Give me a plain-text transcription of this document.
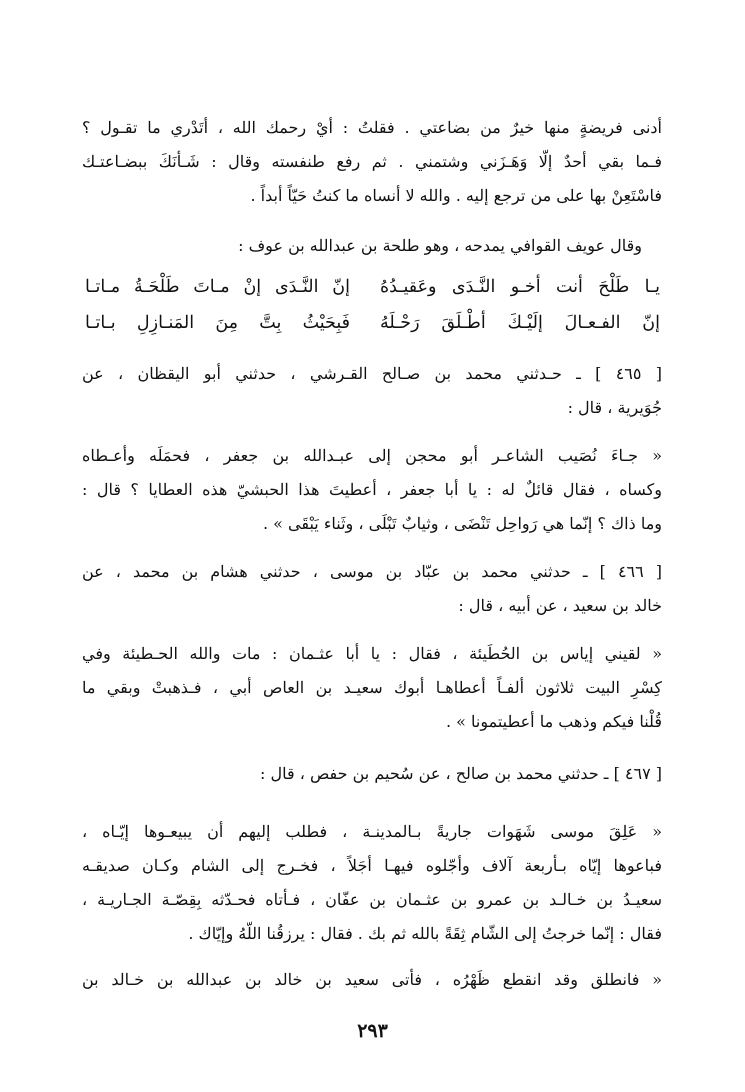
أدنى فريضةٍ منها خيرٌ من بضاعتي . فقلتُ : أيْ رحمك الله ، أتَدْري ما تقـول ؟
فـما بقي أحدٌ إلّا وَهَـزَني وشتمني . ثم رفع طنفسته وقال : شَـأنَكَ ببضـاعتـك
فاسْتَعِنْ بها على من ترجع إليه . والله لا أنساه ما كنتُ حَيّاً أبداً .
وقال عويف القوافي يمدحه ، وهو طلحة بن عبدالله بن عوف :
يـا طَلْحَ أنت أخـو النَّـدَى وعَقيـدُهُ
إنّ النَّـدَى إنْ مـاتَ طَلْحَـةُ مـاتـا
إنّ الفـعـالَ إلَيْـكَ أطْـلَقَ رَحْـلَهُ
فَبِحَيْثُ بِتَّ مِنَ المَنـازِلِ بـاتـا
[ ٤٦٥ ] ـ حـدثني محمد بن صـالح القـرشي ، حدثني أبو اليقظان ، عن
جُوَيرية ، قال :
« جـاءَ نُصَيب الشاعـر أبو محجن إلى عبـدالله بن جعفر ، فحمَلَه وأعـطاه
وكساه ، فقال قائلٌ له : يا أبا جعفر ، أعطيتَ هذا الحبشيّ هذه العطايا ؟ قال :
وما ذاك ؟ إنّما هي رَواحِل تَنْضَى ، وثيابٌ تَبْلَى ، وثَناء يَبْقَى » .
[ ٤٦٦ ] ـ حدثني محمد بن عبّاد بن موسى ، حدثني هشام بن محمد ، عن
خالد بن سعيد ، عن أبيه ، قال :
« لقيني إياس بن الحُطَيئة ، فقال : يا أبا عثـمان : مات والله الحـطيئة وفي
كِسْرِ البيت ثلاثون ألفـاً أعطاهـا أبوك سعيـد بن العاص أبي ، فـذهبتْ وبقي ما
قُلْنا فيكم وذهب ما أعطيتمونا » .
[ ٤٦٧ ] ـ حدثني محمد بن صالح ، عن سُحيم بن حفص ، قال :
« عَلِقَ موسى شَهَوات جاريةً بـالمدينـة ، فطلب إليهم أن يبيعـوها إيّـاه ،
فباعوها إيّاه بـأربعة آلاف وأجّلوه فيهـا أجَلاً ، فخـرج إلى الشام وكـان صديقـه
سعيـدُ بن خـالـد بن عمرو بن عثـمان بن عفّان ، فـأتاه فحـدّثه بِقِصّـة الجـاريـة ،
فقال : إنّما خرجتُ إلى الشّام ثِقَةً بالله ثم بك . فقال : يرزقُنا اللّهُ وإيّاك .
« فانطلق وقد انقطع ظَهْرُه ، فأتى سعيد بن خالد بن عبدالله بن خـالد بن
٢٩٣
